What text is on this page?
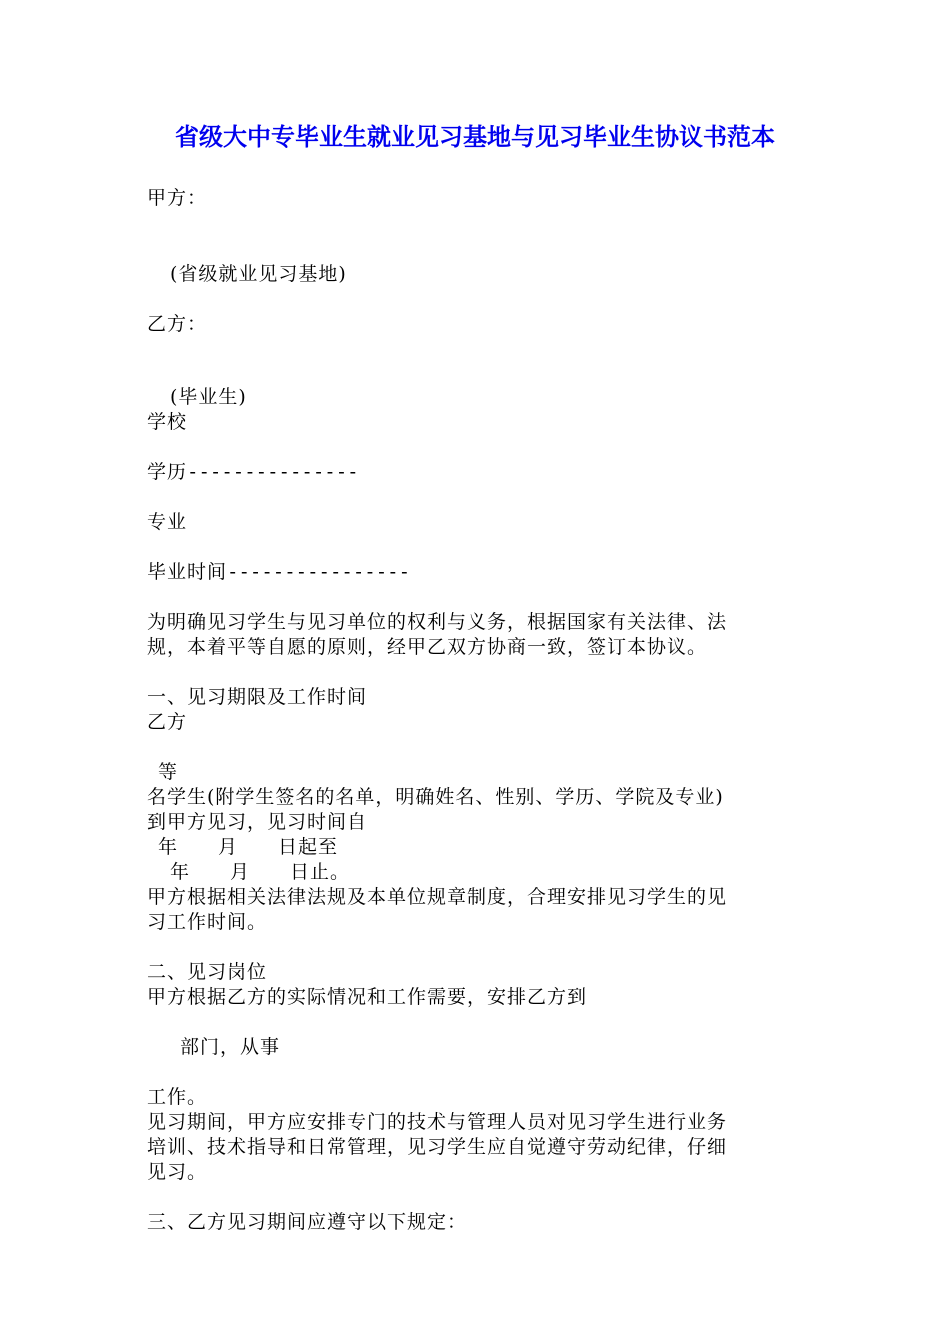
省级大中专毕业生就业见习基地与见习毕业生协议书范本
甲方：
(省级就业见习基地)
乙方：
(毕业生)
学校
学历---------------
专业
毕业时间----------------
为明确见习学生与见习单位的权利与义务，根据国家有关法律、法
规，本着平等自愿的原则，经甲乙双方协商一致，签订本协议。
一、见习期限及工作时间
乙方
等
名学生(附学生签名的名单，明确姓名、性别、学历、学院及专业)
到甲方见习，见习时间自
年　　月　　日起至
年　　月　　日止。
甲方根据相关法律法规及本单位规章制度，合理安排见习学生的见
习工作时间。
二、见习岗位
甲方根据乙方的实际情况和工作需要，安排乙方到
部门，从事
工作。
见习期间，甲方应安排专门的技术与管理人员对见习学生进行业务
培训、技术指导和日常管理，见习学生应自觉遵守劳动纪律，仔细
见习。
三、乙方见习期间应遵守以下规定：
